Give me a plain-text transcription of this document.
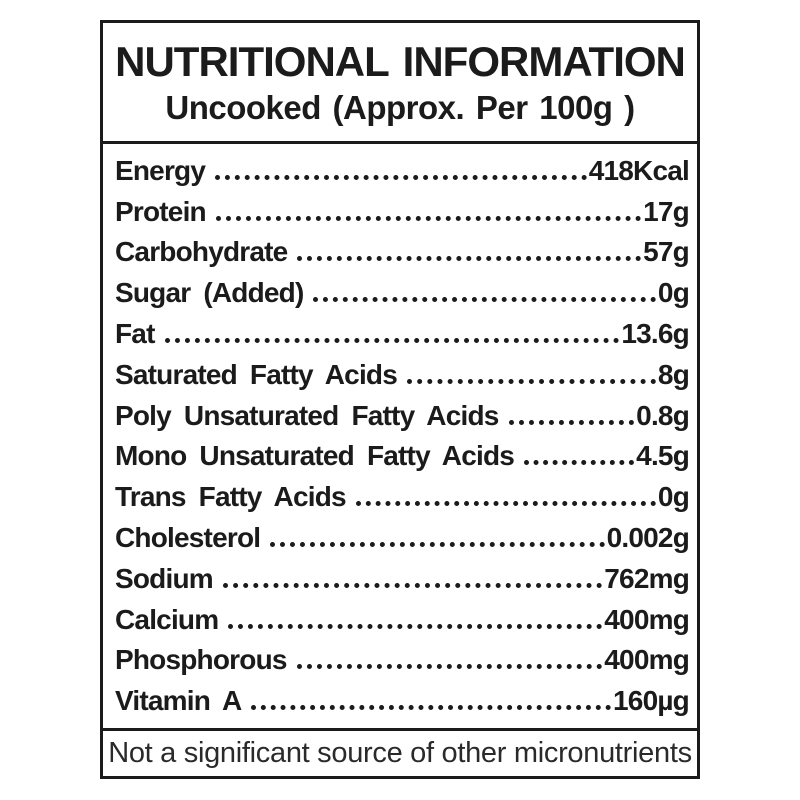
NUTRITIONAL INFORMATION
Uncooked (Approx. Per 100g )
Energy	418Kcal
Protein	17g
Carbohydrate	57g
Sugar (Added)	0g
Fat	13.6g
Saturated Fatty Acids	8g
Poly Unsaturated Fatty Acids	0.8g
Mono Unsaturated Fatty Acids	4.5g
Trans Fatty Acids	0g
Cholesterol	0.002g
Sodium	762mg
Calcium	400mg
Phosphorous	400mg
Vitamin A	160µg
Not a significant source of other micronutrients
